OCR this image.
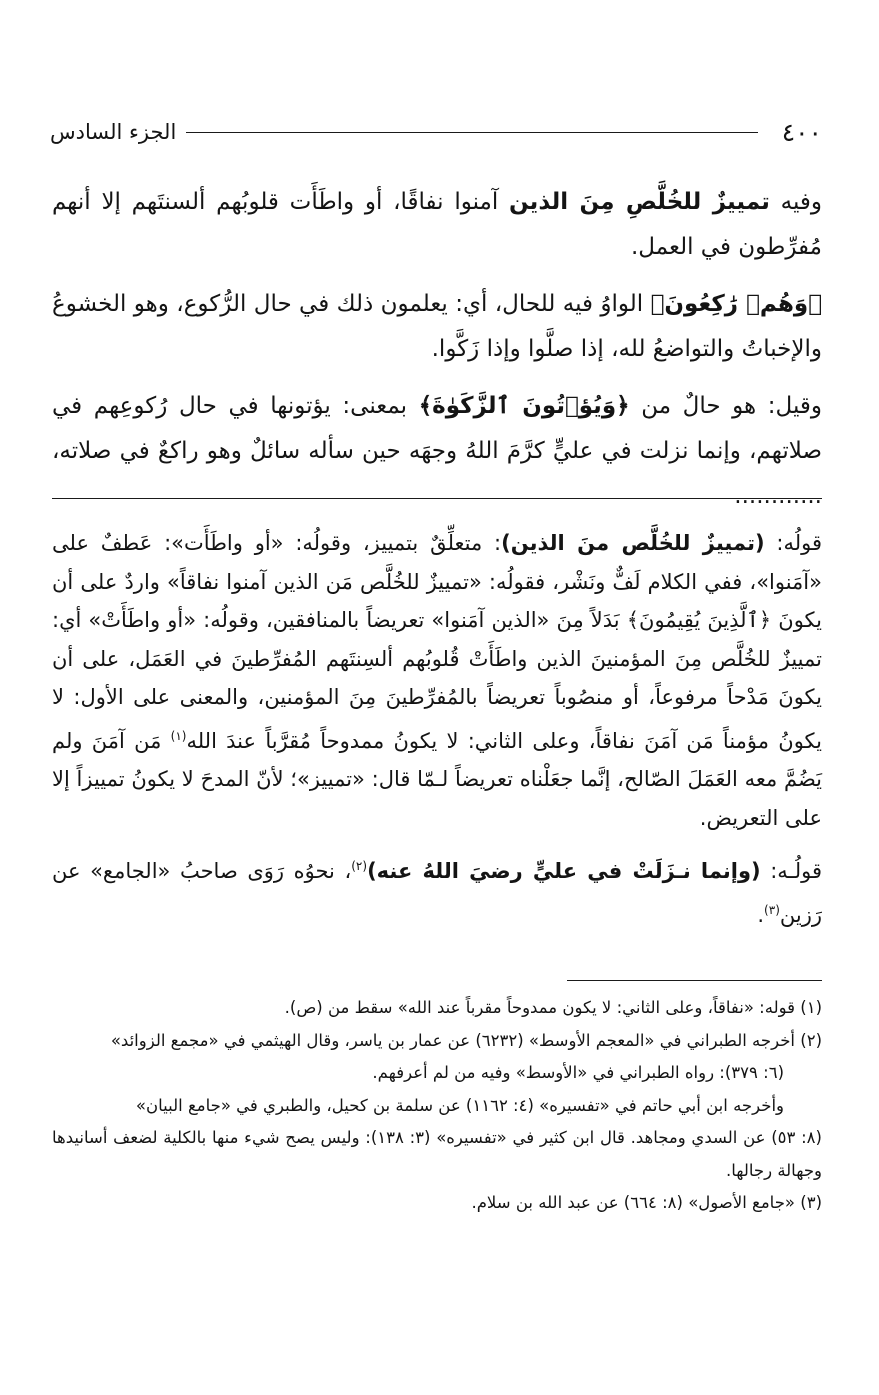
٤٠٠
الجزء السادس

وفيه تمييزٌ للخُلَّصِ مِنَ الذين آمنوا نفاقًا، أو واطَأَت قلوبُهم ألسنتَهم إلا أنهم مُفرِّطون في العمل.

﴿وَهُمۡ رَٰكِعُونَ﴾ الواوُ فيه للحال، أي: يعلمون ذلك في حال الرُّكوع، وهو الخشوعُ والإخباتُ والتواضعُ لله، إذا صلَّوا وإذا زَكَّوا.

وقيل: هو حالٌ من ﴿وَيُؤۡتُونَ ٱلزَّكَوٰةَ﴾ بمعنى: يؤتونها في حال رُكوعِهم في صلاتهم، وإنما نزلت في عليٍّ كرَّمَ اللهُ وجهَه حين سأله سائلٌ وهو راكعٌ في صلاته، ............

قولُه: (تمييزٌ للخُلَّص منَ الذين): متعلِّقٌ بتمييز، وقولُه: «أو واطَأَت»: عَطفٌ على «آمَنوا»، ففي الكلام لَفٌّ ونَشْر، فقولُه: «تمييزٌ للخُلَّص مَن الذين آمنوا نفاقاً» واردٌ على أن يكونَ ﴿ٱلَّذِينَ يُقِيمُونَ﴾ بَدَلاً مِنَ «الذين آمَنوا» تعريضاً بالمنافقين، وقولُه: «أو واطَأَتْ» أي: تمييزٌ للخُلَّص مِنَ المؤمنينَ الذين واطَأَتْ قُلوبُهم ألسِنتَهم المُفرِّطينَ في العَمَل، على أن يكونَ مَدْحاً مرفوعاً، أو منصُوباً تعريضاً بالمُفرِّطينَ مِنَ المؤمنين، والمعنى على الأول: لا يكونُ مؤمناً مَن آمَنَ نفاقاً، وعلى الثاني: لا يكونُ ممدوحاً مُقرَّباً عندَ الله$^{(١)}$ مَن آمَنَ ولم يَضُمَّ معه العَمَلَ الصّالح، إنَّما جعَلْناه تعريضاً لـمّا قال: «تمييز»؛ لأنّ المدحَ لا يكونُ تمييزاً إلا على التعريض.

قولُـه: (وإنما نـزَلَتْ في عليٍّ رضيَ اللهُ عنه)$^{(٢)}$، نحوُه رَوَى صاحبُ «الجامع» عن رَزين$^{(٣)}$.

(١) قوله: «نفاقاً، وعلى الثاني: لا يكون ممدوحاً مقرباً عند الله» سقط من (ص).

(٢) أخرجه الطبراني في «المعجم الأوسط» (٦٢٣٢) عن عمار بن ياسر، وقال الهيثمي في «مجمع الزوائد»

(٦: ٣٧٩): رواه الطبراني في «الأوسط» وفيه من لم أعرفهم.

وأخرجه ابن أبي حاتم في «تفسيره» (٤: ١١٦٢) عن سلمة بن كحيل، والطبري في «جامع البيان»

(٨: ٥٣) عن السدي ومجاهد. قال ابن كثير في «تفسيره» (٣: ١٣٨): وليس يصح شيء منها بالكلية لضعف أسانيدها وجهالة رجالها.

(٣) «جامع الأصول» (٨: ٦٦٤) عن عبد الله بن سلام.
